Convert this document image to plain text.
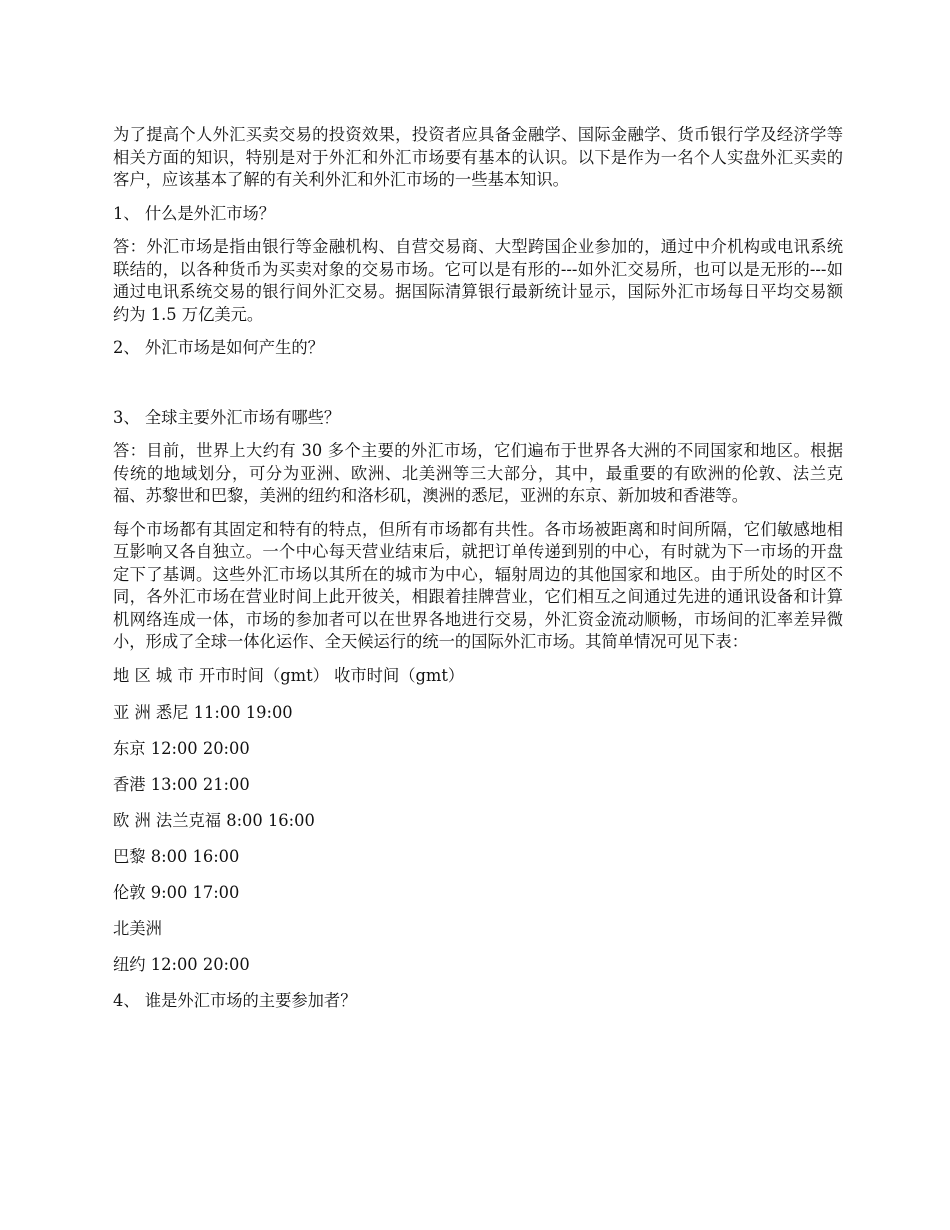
为了提高个人外汇买卖交易的投资效果，投资者应具备金融学、国际金融学、货币银行学及经济学等相关方面的知识，特别是对于外汇和外汇市场要有基本的认识。以下是作为一名个人实盘外汇买卖的客户，应该基本了解的有关利外汇和外汇市场的一些基本知识。

1、 什么是外汇市场？

答：外汇市场是指由银行等金融机构、自营交易商、大型跨国企业参加的，通过中介机构或电讯系统联结的，以各种货币为买卖对象的交易市场。它可以是有形的---如外汇交易所，也可以是无形的---如通过电讯系统交易的银行间外汇交易。据国际清算银行最新统计显示，国际外汇市场每日平均交易额约为 1.5 万亿美元。

2、 外汇市场是如何产生的？

3、 全球主要外汇市场有哪些？

答：目前，世界上大约有 30 多个主要的外汇市场，它们遍布于世界各大洲的不同国家和地区。根据传统的地域划分，可分为亚洲、欧洲、北美洲等三大部分，其中，最重要的有欧洲的伦敦、法兰克福、苏黎世和巴黎，美洲的纽约和洛杉矶，澳洲的悉尼，亚洲的东京、新加坡和香港等。

每个市场都有其固定和特有的特点，但所有市场都有共性。各市场被距离和时间所隔，它们敏感地相互影响又各自独立。一个中心每天营业结束后，就把订单传递到别的中心，有时就为下一市场的开盘定下了基调。这些外汇市场以其所在的城市为中心，辐射周边的其他国家和地区。由于所处的时区不同，各外汇市场在营业时间上此开彼关，相跟着挂牌营业，它们相互之间通过先进的通讯设备和计算机网络连成一体，市场的参加者可以在世界各地进行交易，外汇资金流动顺畅，市场间的汇率差异微小，形成了全球一体化运作、全天候运行的统一的国际外汇市场。其简单情况可见下表：

地 区 城 市 开市时间（gmt） 收市时间（gmt）
亚 洲 悉尼 11:00 19:00
东京 12:00 20:00
香港 13:00 21:00
欧 洲 法兰克福 8:00 16:00
巴黎 8:00 16:00
伦敦 9:00 17:00
北美洲
纽约 12:00 20:00

4、 谁是外汇市场的主要参加者？
